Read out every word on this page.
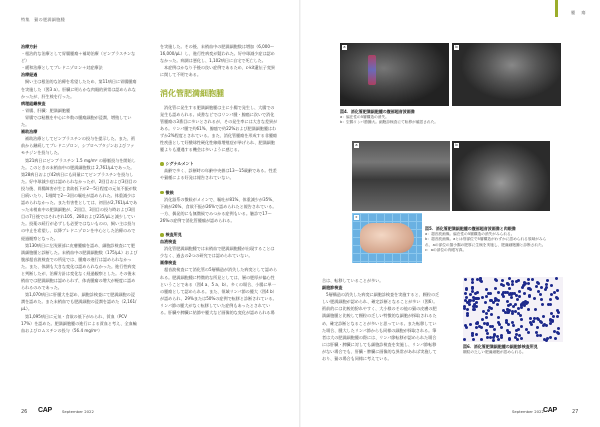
特集　猫の肥満細胞腫
治療方針

・根治的な治療として胃腸腫瘍＋補助治療（ビンブラスチンなど）

・緩和治療としてプレドニゾロン＋対症療法

治療経過

飼い主は根治的な治療を希望したため、第11病日に胃腸腫瘍を実施した（図3 a）。肝臓に明らかな肉眼的異常は認められなかったが、肝生検を行った。

病理組織検査

・胃腸、肝臓：肥満細胞腫

胃腸では粘膜を中心に多数の腫瘍細胞が浸潤、増殖していた。

補助治療

補助治療としてビンブラスチンの投与を提示した。また、術前から継続してプレドニゾロン、シプロヘプタジンおよびファモチジンを投与した。

第21病日にビンブラスチン 1.5 mg/m² の静脈投与を開始した。このときの末梢血中の肥満細胞数は 2,761/μLであった。第28病日および42病日にも同量にてビンブラスチンを投与した。好中球減少症は認められなかったが、2回目および3回目の投与後、胃腸障害が生じ食欲低下が2〜5日程度の元気不振が数日続いたり、1週間で2〜3回の嘔吐が認められた。体重減少は認められなかった。また有害性としては、初回が2,761/μLであった末梢血中の肥満細胞が、2回目、3回目の投与時および3回目の7日後ではそれぞれ105、280および235/μLと減少していた。投薬の続行が必ずしも必要ではないものの、飼い主は投与の中止を希望し、以降プレドニゾロンを中心とした治療のみで経過観察となった。

第130病日に左浅頸部に皮膚腫瘤を認め、細胞診検査にて肥満細胞腫と診断した。末梢血中の肥満細胞数（175/μL）および腹部超音波検査での所見では、腫瘍の進行は認められなかった。また、体調も大きな変化は認められなかった。進行性病変と判断したが、治療方針は変化なく経過観察とした。その後末梢血では肥満細胞は認められず、体表腫瘤の増大が軽度に認められるのみであった。

第1,070病日に肝腫大を認め、細胞診検査にて肥満細胞の浸潤を認めた。また末梢血でも肥満細胞の浸潤を認めた（2,161/μL）。

第1,095病日に元気・食欲の低下がみられ、貧血（PCV 17%）を認めた。肥満細胞腫の進行による貧血と考え、全血輸血およびロムスチンの投与（56.4 mg/m²）

を実施した。その後、末梢血中の肥満細胞数は増加（6,000〜16,000/μL）し、進行性病変が疑われた。好中球減少症は認めなかった。病調は悪化し、1,102病日に自宅で死亡した。

本症例はかなり予後の良い症例であるため、c-kit遺伝子変異に関して不明である。

消化管肥満細胞腫

消化管に発生する肥満細胞腫は主に小腸で発生し、大腸での発生も認められる。成書などではリンパ腫・腺癌に次いで消化管腫瘍の3番目に多いとされるが、その発生率には大きな差異がある。リンパ腫で約61%、腺癌で約22%および肥満細胞腫はわずか2%程度とされている。また、消化管腫瘍を形成する非腫瘍性疾患として好酸球性硬化性線維増殖症が挙げられ、肥満細胞腫よりも遭遇する機会は多いように感じる。

シグナルメント

高齢で多く、診断時の年齢中央値は13〜15歳齢である。性差や猫種による好発は報告されていない。

徴候

消化器系の徴候がメインで、嘔吐が81%、体重減少が35%、下痢が26%、食欲不振が26%で認められたと報告されている。一方、偶発的にも無徴候でみつかる症例もいる。触診で17〜26%の症例で消化管腫瘤が認められる。

検査所見
血液検査

消化管肥満細胞腫では末梢血で肥満細胞腫が出現することは少なく、過去の2つの研究では認められていない。

画像検査

超音波検査にて消化管の5層構造が消失した病変として認められる。肥満細胞腫に特徴的な所見としては、層の肥厚が偏心性ということである（図4 a、5 a、b）。多くの場合、小腸に単一の腫瘍として認められる。また、領域リンパ節の腫大（図4 b）が認められ、29%または50%の症例で転移と診断されている。リンパ節の腫大がなく転移していた症例もあったとされている。肝臓や脾臓に結節や腫大など画像的な変化が認められる場

26 CAP	September 2022
腫　瘍
a	b
図4．消化管肥満細胞腫の腹部超音波画像
a：偏在性の5層構造の消失。
b：空腸リンパ節腫大。細胞診検査にて転移が確認された。
a	b
c
図5．消化管肥満細胞腫の腹部超音波画像と肉眼像
a：超音波画像。偏在性の5層構造の消失がみられる。
b：超音波画像。aとは別部位で5層構造がわずかに認められる領域がみられ、aの部位の猫小腸の肥厚に生検を実施し、肥満細胞腫と診断された。
c：aの部位の肉眼写真。

合は、転移していることが多い。

細胞診検査

5層構造の消失した病変に細胞診検査を実施すると、顆粒の乏しい肥満細胞が認められ、確定診断となることが多い（図6）。術前的には比較的紛れやすく、大小様のその他の猫の皮膚の肥満細胞腫と比較して顆粒の乏しい特徴的な細胞が採取されるため、確定診断となることが多いと思っている。また転移していた場合、腫大したリンパ節からも同様の細胞が採取される。筆者は大の肥満細胞腫の際には、リンパ節転移が認められた場合には肝臓・脾臓に対しても細胞診検査を実施し、リンパ節転移がない場合でも、肝臓・脾臓に画像的な異常があれば実施しており、猫の場合も同様に考えている。

図6．消化管肥満細胞腫の細胞診検査所見
顆粒の乏しい肥満細胞が認められる。
September 2022 CAP	27
